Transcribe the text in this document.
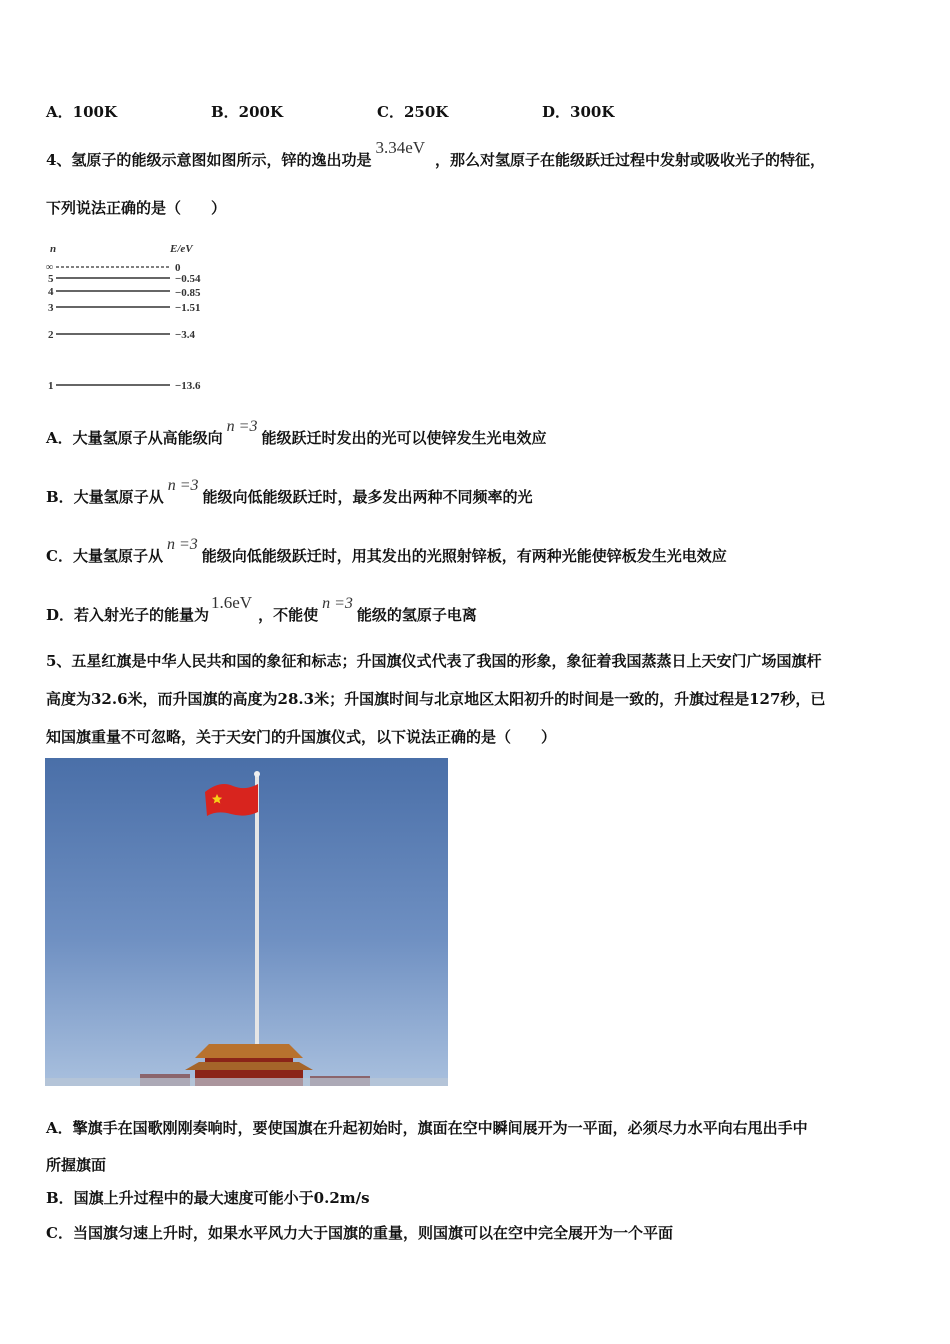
A．100K	B．200K	C．250K	D．300K
4、氢原子的能级示意图如图所示，锌的逸出功是3.34eV，那么对氢原子在能级跃迁过程中发射或吸收光子的特征，
下列说法正确的是（　　）
n	E/eV
∞
5
4
3
2
1
0
−0.54
−0.85
−1.51
−3.4
−13.6
A．大量氢原子从高能级向n =3能级跃迁时发出的光可以使锌发生光电效应
B．大量氢原子从n =3能级向低能级跃迁时，最多发出两种不同频率的光
C．大量氢原子从n =3能级向低能级跃迁时，用其发出的光照射锌板，有两种光能使锌板发生光电效应
D．若入射光子的能量为1.6eV，不能使n =3能级的氢原子电离
5、五星红旗是中华人民共和国的象征和标志；升国旗仪式代表了我国的形象，象征着我国蒸蒸日上天安门广场国旗杆
高度为32.6米，而升国旗的高度为28.3米；升国旗时间与北京地区太阳初升的时间是一致的，升旗过程是127秒，已
知国旗重量不可忽略，关于天安门的升国旗仪式，以下说法正确的是（　　）
A．擎旗手在国歌刚刚奏响时，要使国旗在升起初始时，旗面在空中瞬间展开为一平面，必须尽力水平向右甩出手中
所握旗面
B．国旗上升过程中的最大速度可能小于0.2m/s
C．当国旗匀速上升时，如果水平风力大于国旗的重量，则国旗可以在空中完全展开为一个平面
